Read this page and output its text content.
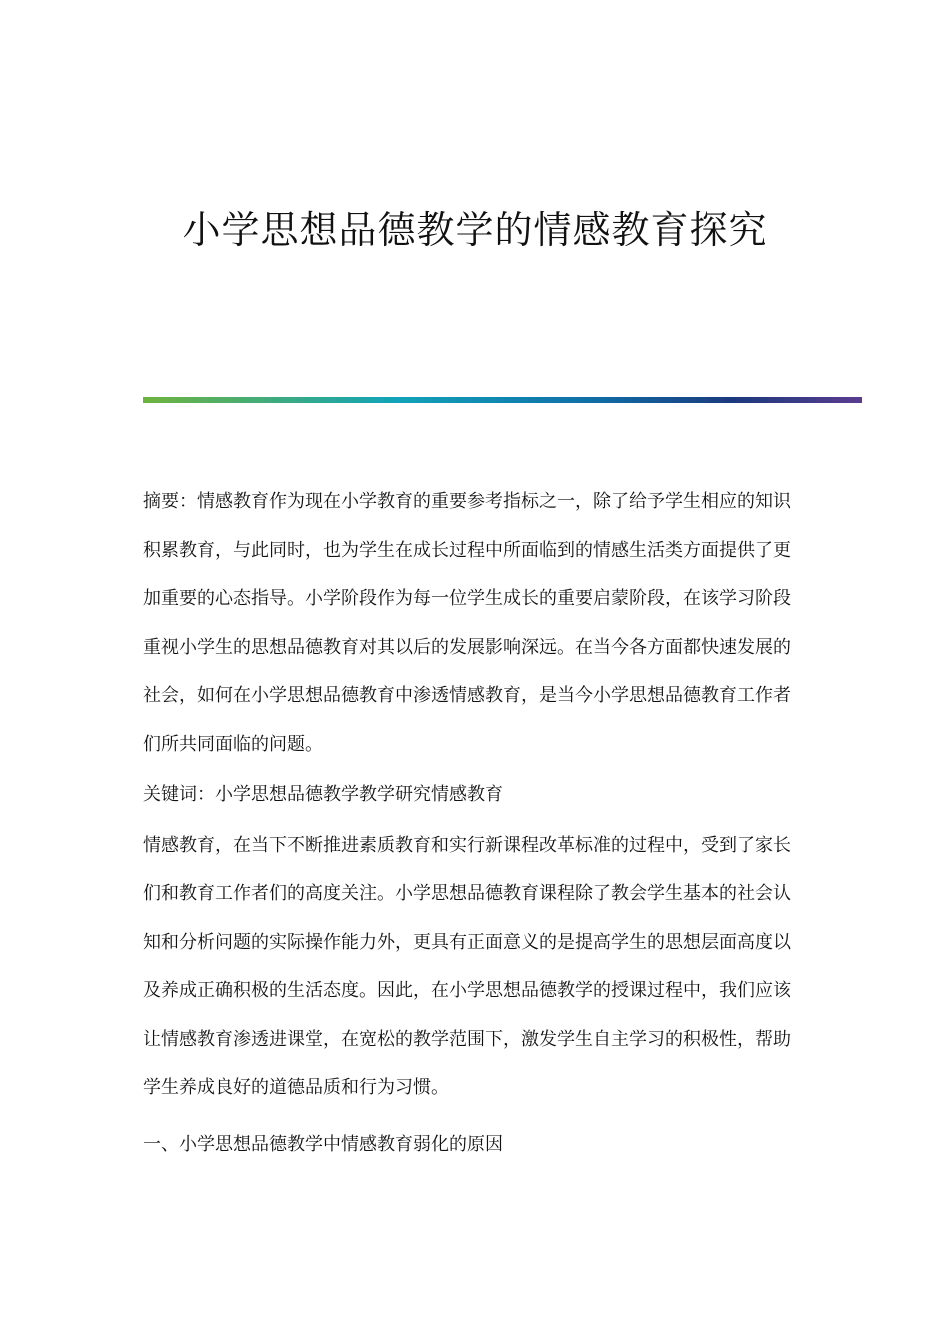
小学思想品德教学的情感教育探究

摘要：情感教育作为现在小学教育的重要参考指标之一，除了给予学生相应的知识积累教育，与此同时，也为学生在成长过程中所面临到的情感生活类方面提供了更加重要的心态指导。小学阶段作为每一位学生成长的重要启蒙阶段，在该学习阶段重视小学生的思想品德教育对其以后的发展影响深远。在当今各方面都快速发展的社会，如何在小学思想品德教育中渗透情感教育，是当今小学思想品德教育工作者们所共同面临的问题。

关键词：小学思想品德教学教学研究情感教育

情感教育，在当下不断推进素质教育和实行新课程改革标准的过程中，受到了家长们和教育工作者们的高度关注。小学思想品德教育课程除了教会学生基本的社会认知和分析问题的实际操作能力外，更具有正面意义的是提高学生的思想层面高度以及养成正确积极的生活态度。因此，在小学思想品德教学的授课过程中，我们应该让情感教育渗透进课堂，在宽松的教学范围下，激发学生自主学习的积极性，帮助学生养成良好的道德品质和行为习惯。

一、小学思想品德教学中情感教育弱化的原因
